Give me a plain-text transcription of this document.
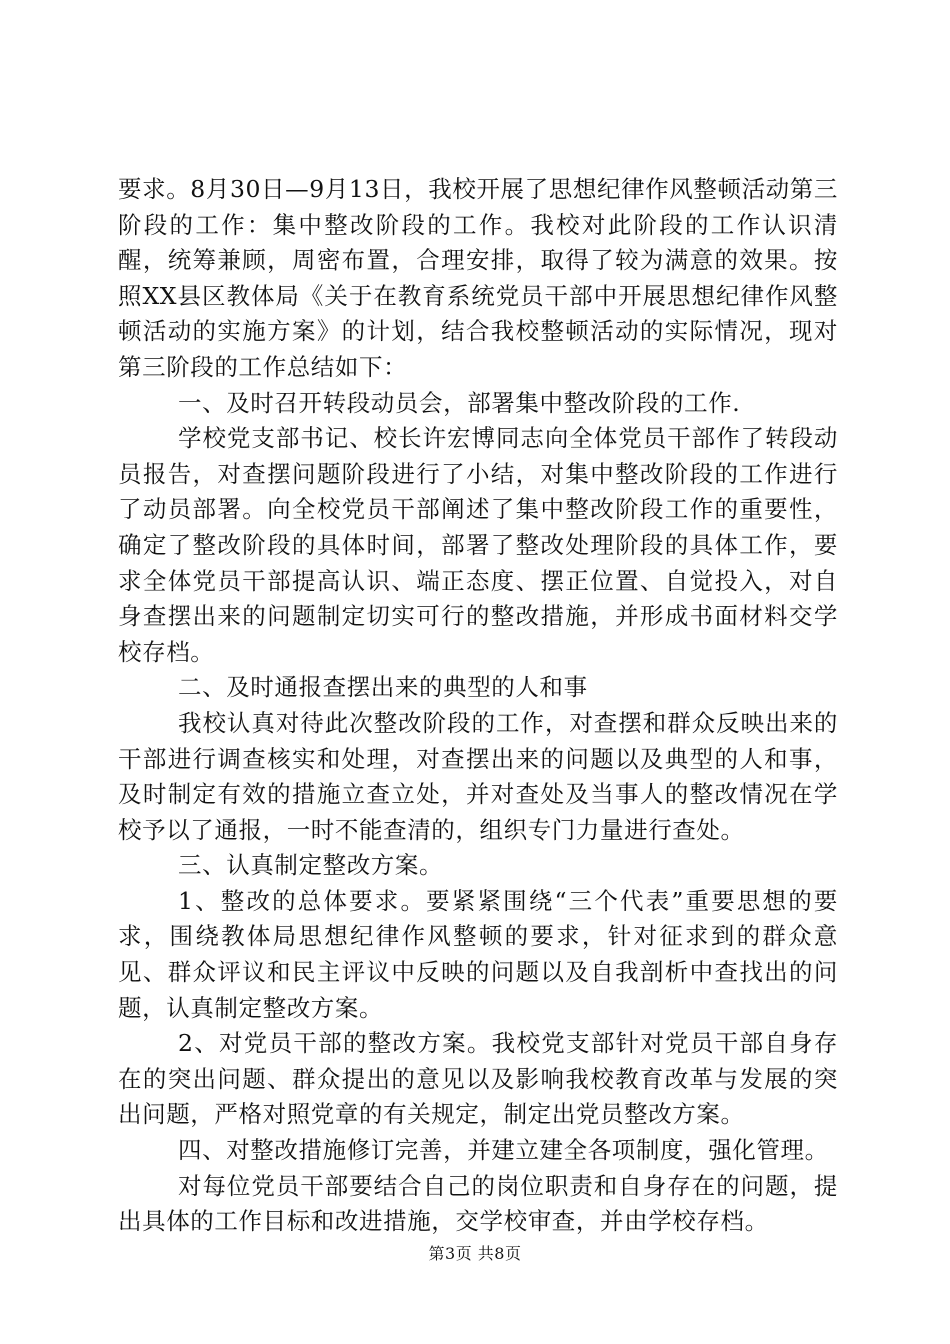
要求。8月30日—9月13日，我校开展了思想纪律作风整顿活动第三阶段的工作：集中整改阶段的工作。我校对此阶段的工作认识清醒，统筹兼顾，周密布置，合理安排，取得了较为满意的效果。按照XX县区教体局《关于在教育系统党员干部中开展思想纪律作风整顿活动的实施方案》的计划，结合我校整顿活动的实际情况，现对第三阶段的工作总结如下：

一、及时召开转段动员会，部署集中整改阶段的工作.

学校党支部书记、校长许宏博同志向全体党员干部作了转段动员报告，对查摆问题阶段进行了小结，对集中整改阶段的工作进行了动员部署。向全校党员干部阐述了集中整改阶段工作的重要性，确定了整改阶段的具体时间，部署了整改处理阶段的具体工作，要求全体党员干部提高认识、端正态度、摆正位置、自觉投入，对自身查摆出来的问题制定切实可行的整改措施，并形成书面材料交学校存档。

二、及时通报查摆出来的典型的人和事

我校认真对待此次整改阶段的工作，对查摆和群众反映出来的干部进行调查核实和处理，对查摆出来的问题以及典型的人和事，及时制定有效的措施立查立处，并对查处及当事人的整改情况在学校予以了通报，一时不能查清的，组织专门力量进行查处。

三、认真制定整改方案。

1、整改的总体要求。要紧紧围绕“三个代表”重要思想的要求，围绕教体局思想纪律作风整顿的要求，针对征求到的群众意见、群众评议和民主评议中反映的问题以及自我剖析中查找出的问题，认真制定整改方案。

2、对党员干部的整改方案。我校党支部针对党员干部自身存在的突出问题、群众提出的意见以及影响我校教育改革与发展的突出问题，严格对照党章的有关规定，制定出党员整改方案。

四、对整改措施修订完善，并建立建全各项制度，强化管理。

对每位党员干部要结合自己的岗位职责和自身存在的问题，提出具体的工作目标和改进措施，交学校审查，并由学校存档。

第3页 共8页
